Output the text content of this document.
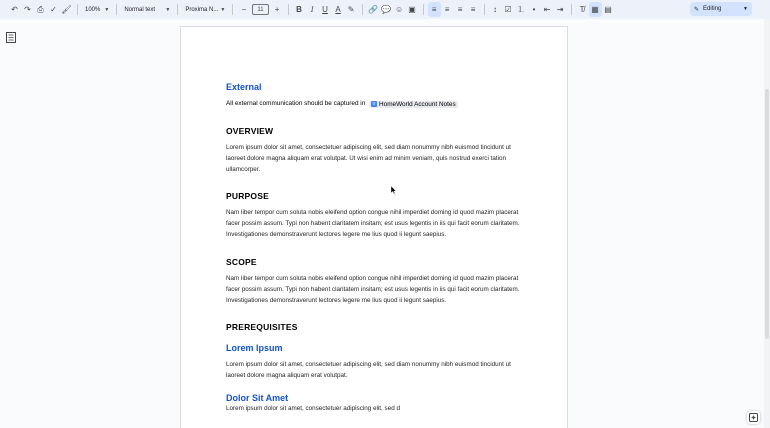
↶ ↷ ⎙ ✓ 🖌 100% ▼	Normal text ▼	Proxima N... ▼	−	11	+	B	I	U A ✎	🔗 💬 ☺ ▣	≡	≡	≡	≡	↕ ☑ ⒈ •	⇤ ⇥	T̸ ▦ ▤	✎ Editing	▼
External
All external communication should be captured in	≡ HomeWorld Account Notes
OVERVIEW
Lorem ipsum dolor sit amet, consectetuer adipiscing elit, sed diam nonummy nibh euismod tincidunt ut laoreet dolore magna aliquam erat volutpat. Ut wisi enim ad minim veniam, quis nostrud exerci tation ullamcorper.
PURPOSE
Nam liber tempor cum soluta nobis eleifend option congue nihil imperdiet doming id quod mazim placerat facer possim assum. Typi non habent claritatem insitam; est usus legentis in iis qui facit eorum claritatem. Investigationes demonstraverunt lectores legere me lius quod ii legunt saepius.
SCOPE
Nam liber tempor cum soluta nobis eleifend option congue nihil imperdiet doming id quod mazim placerat facer possim assum. Typi non habent claritatem insitam; est usus legentis in iis qui facit eorum claritatem. Investigationes demonstraverunt lectores legere me lius quod ii legunt saepius.
PREREQUISITES
Lorem Ipsum
Lorem ipsum dolor sit amet, consectetuer adipiscing elit, sed diam nonummy nibh euismod tincidunt ut laoreet dolore magna aliquam erat volutpat.
Dolor Sit Amet
Lorem ipsum dolor sit amet, consectetuer adipiscing elit, sed d
